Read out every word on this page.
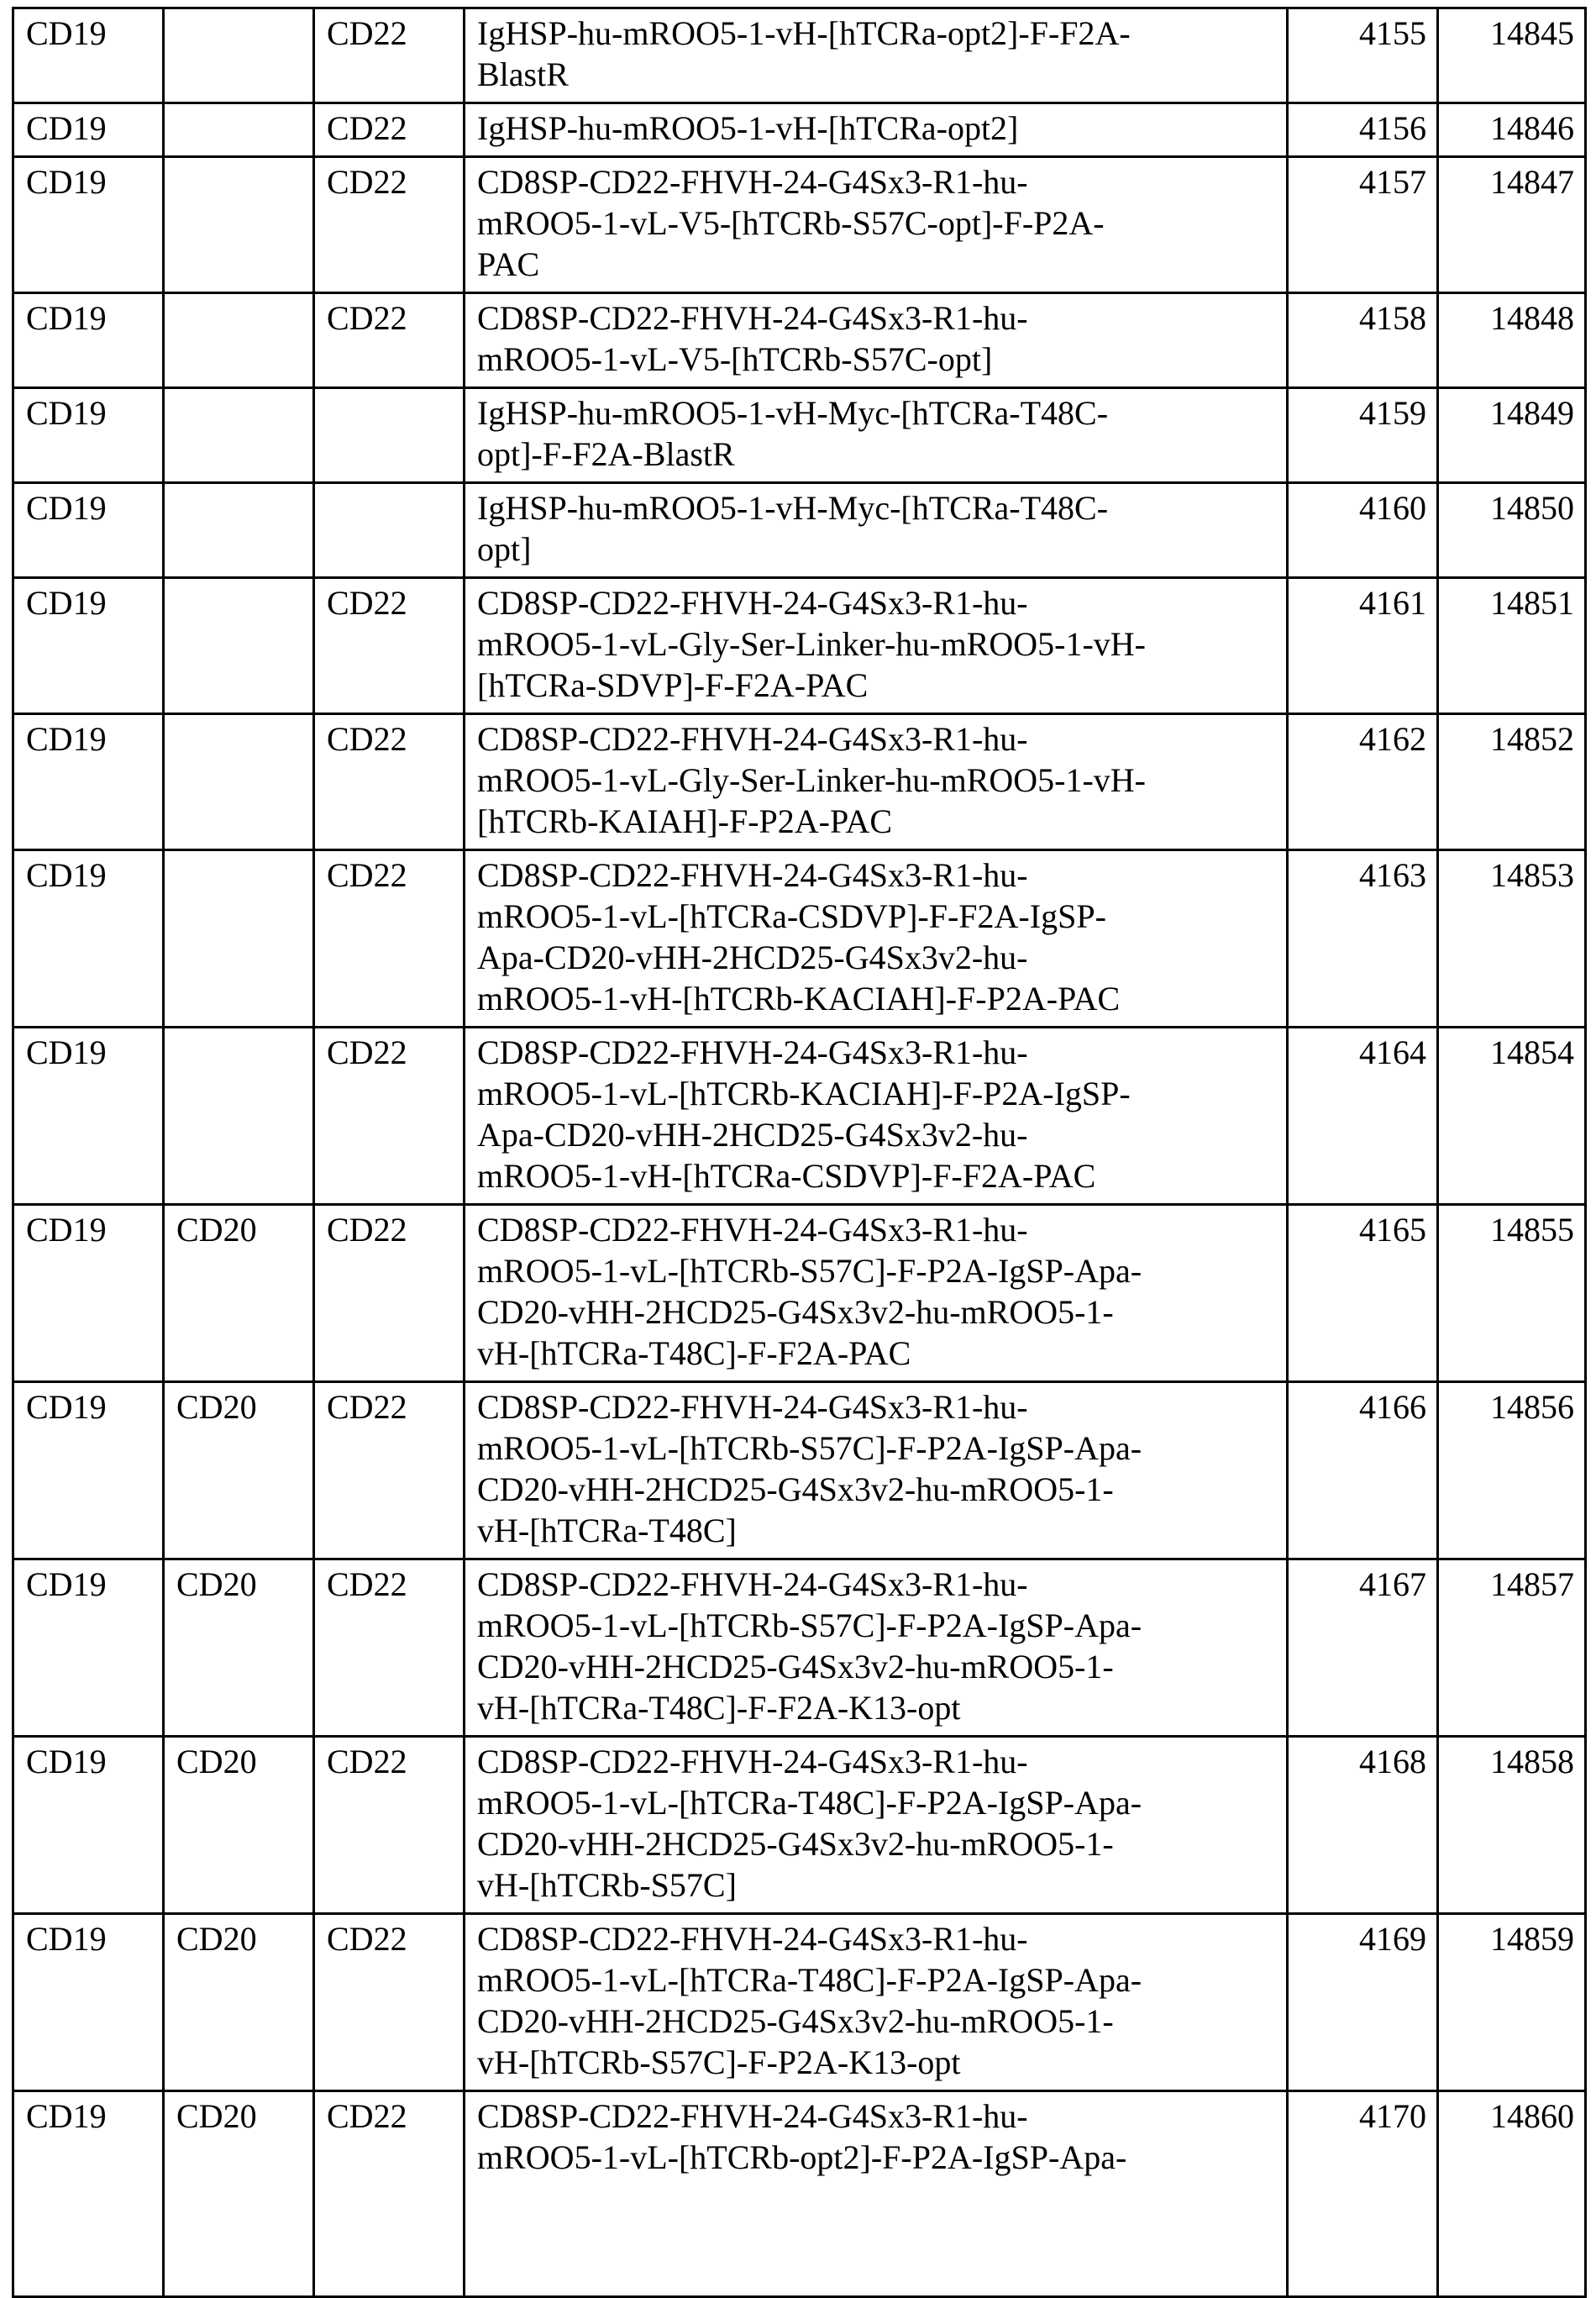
CD19		CD22	IgHSP-hu-mROO5-1-vH-[hTCRa-opt2]-F-F2A-
BlastR	4155	14845
CD19		CD22	IgHSP-hu-mROO5-1-vH-[hTCRa-opt2]	4156	14846
CD19		CD22	CD8SP-CD22-FHVH-24-G4Sx3-R1-hu-
mROO5-1-vL-V5-[hTCRb-S57C-opt]-F-P2A-
PAC	4157	14847
CD19		CD22	CD8SP-CD22-FHVH-24-G4Sx3-R1-hu-
mROO5-1-vL-V5-[hTCRb-S57C-opt]	4158	14848
CD19			IgHSP-hu-mROO5-1-vH-Myc-[hTCRa-T48C-
opt]-F-F2A-BlastR	4159	14849
CD19			IgHSP-hu-mROO5-1-vH-Myc-[hTCRa-T48C-
opt]	4160	14850
CD19		CD22	CD8SP-CD22-FHVH-24-G4Sx3-R1-hu-
mROO5-1-vL-Gly-Ser-Linker-hu-mROO5-1-vH-
[hTCRa-SDVP]-F-F2A-PAC	4161	14851
CD19		CD22	CD8SP-CD22-FHVH-24-G4Sx3-R1-hu-
mROO5-1-vL-Gly-Ser-Linker-hu-mROO5-1-vH-
[hTCRb-KAIAH]-F-P2A-PAC	4162	14852
CD19		CD22	CD8SP-CD22-FHVH-24-G4Sx3-R1-hu-
mROO5-1-vL-[hTCRa-CSDVP]-F-F2A-IgSP-
Apa-CD20-vHH-2HCD25-G4Sx3v2-hu-
mROO5-1-vH-[hTCRb-KACIAH]-F-P2A-PAC	4163	14853
CD19		CD22	CD8SP-CD22-FHVH-24-G4Sx3-R1-hu-
mROO5-1-vL-[hTCRb-KACIAH]-F-P2A-IgSP-
Apa-CD20-vHH-2HCD25-G4Sx3v2-hu-
mROO5-1-vH-[hTCRa-CSDVP]-F-F2A-PAC	4164	14854
CD19	CD20	CD22	CD8SP-CD22-FHVH-24-G4Sx3-R1-hu-
mROO5-1-vL-[hTCRb-S57C]-F-P2A-IgSP-Apa-
CD20-vHH-2HCD25-G4Sx3v2-hu-mROO5-1-
vH-[hTCRa-T48C]-F-F2A-PAC	4165	14855
CD19	CD20	CD22	CD8SP-CD22-FHVH-24-G4Sx3-R1-hu-
mROO5-1-vL-[hTCRb-S57C]-F-P2A-IgSP-Apa-
CD20-vHH-2HCD25-G4Sx3v2-hu-mROO5-1-
vH-[hTCRa-T48C]	4166	14856
CD19	CD20	CD22	CD8SP-CD22-FHVH-24-G4Sx3-R1-hu-
mROO5-1-vL-[hTCRb-S57C]-F-P2A-IgSP-Apa-
CD20-vHH-2HCD25-G4Sx3v2-hu-mROO5-1-
vH-[hTCRa-T48C]-F-F2A-K13-opt	4167	14857
CD19	CD20	CD22	CD8SP-CD22-FHVH-24-G4Sx3-R1-hu-
mROO5-1-vL-[hTCRa-T48C]-F-P2A-IgSP-Apa-
CD20-vHH-2HCD25-G4Sx3v2-hu-mROO5-1-
vH-[hTCRb-S57C]	4168	14858
CD19	CD20	CD22	CD8SP-CD22-FHVH-24-G4Sx3-R1-hu-
mROO5-1-vL-[hTCRa-T48C]-F-P2A-IgSP-Apa-
CD20-vHH-2HCD25-G4Sx3v2-hu-mROO5-1-
vH-[hTCRb-S57C]-F-P2A-K13-opt	4169	14859
CD19	CD20	CD22	CD8SP-CD22-FHVH-24-G4Sx3-R1-hu-
mROO5-1-vL-[hTCRb-opt2]-F-P2A-IgSP-Apa-	4170	14860
